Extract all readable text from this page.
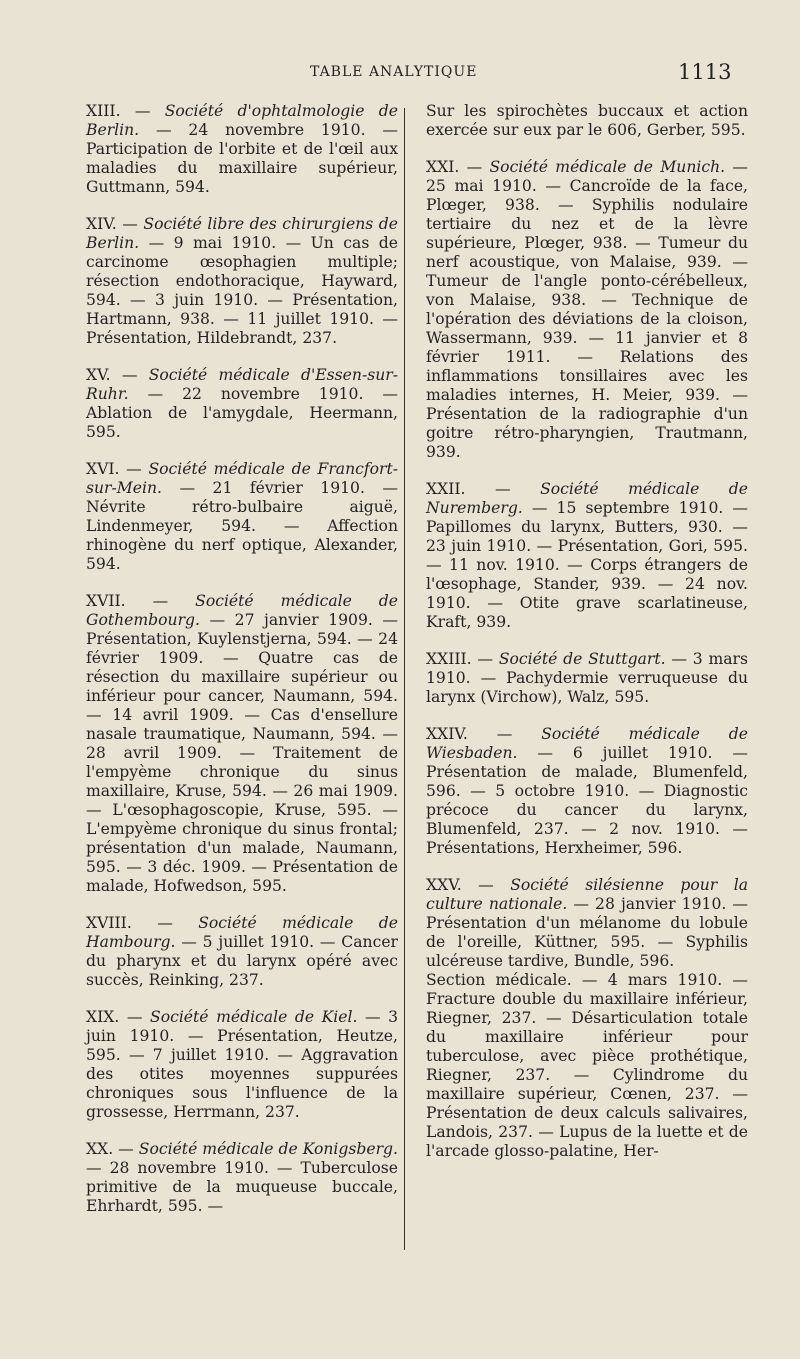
TABLE ANALYTIQUE	1113

XIII. — Société d'ophtalmologie de Berlin. — 24 novembre 1910. — Participation de l'orbite et de l'œil aux maladies du maxillaire supérieur, Guttmann, 594.

XIV. — Société libre des chirurgiens de Berlin. — 9 mai 1910. — Un cas de carcinome œsophagien multiple; résection endothoracique, Hayward, 594. — 3 juin 1910. — Présentation, Hartmann, 938. — 11 juillet 1910. — Présentation, Hildebrandt, 237.

XV. — Société médicale d'Essen-sur-Ruhr. — 22 novembre 1910. — Ablation de l'amygdale, Heermann, 595.

XVI. — Société médicale de Francfort-sur-Mein. — 21 février 1910. — Névrite rétro-bulbaire aiguë, Lindenmeyer, 594. — Affection rhinogène du nerf optique, Alexander, 594.

XVII. — Société médicale de Gothembourg. — 27 janvier 1909. — Présentation, Kuylenstjerna, 594. — 24 février 1909. — Quatre cas de résection du maxillaire supérieur ou inférieur pour cancer, Naumann, 594. — 14 avril 1909. — Cas d'ensellure nasale traumatique, Naumann, 594. — 28 avril 1909. — Traitement de l'empyème chronique du sinus maxillaire, Kruse, 594. — 26 mai 1909. — L'œsophagoscopie, Kruse, 595. — L'empyème chronique du sinus frontal; présentation d'un malade, Naumann, 595. — 3 déc. 1909. — Présentation de malade, Hofwedson, 595.

XVIII. — Société médicale de Hambourg. — 5 juillet 1910. — Cancer du pharynx et du larynx opéré avec succès, Reinking, 237.

XIX. — Société médicale de Kiel. — 3 juin 1910. — Présentation, Heutze, 595. — 7 juillet 1910. — Aggravation des otites moyennes suppurées chroniques sous l'influence de la grossesse, Herrmann, 237.

XX. — Société médicale de Konigsberg. — 28 novembre 1910. — Tuberculose primitive de la muqueuse buccale, Ehrhardt, 595. —

Sur les spirochètes buccaux et action exercée sur eux par le 606, Gerber, 595.

XXI. — Société médicale de Munich. — 25 mai 1910. — Cancroïde de la face, Plœger, 938. — Syphilis nodulaire tertiaire du nez et de la lèvre supérieure, Plœger, 938. — Tumeur du nerf acoustique, von Malaise, 939. — Tumeur de l'angle ponto-cérébelleux, von Malaise, 938. — Technique de l'opération des déviations de la cloison, Wassermann, 939. — 11 janvier et 8 février 1911. — Relations des inflammations tonsillaires avec les maladies internes, H. Meier, 939. — Présentation de la radiographie d'un goitre rétro-pharyngien, Trautmann, 939.

XXII. — Société médicale de Nuremberg. — 15 septembre 1910. — Papillomes du larynx, Butters, 930. — 23 juin 1910. — Présentation, Gori, 595. — 11 nov. 1910. — Corps étrangers de l'œsophage, Stander, 939. — 24 nov. 1910. — Otite grave scarlatineuse, Kraft, 939.

XXIII. — Société de Stuttgart. — 3 mars 1910. — Pachydermie verruqueuse du larynx (Virchow), Walz, 595.

XXIV. — Société médicale de Wiesbaden. — 6 juillet 1910. — Présentation de malade, Blumenfeld, 596. — 5 octobre 1910. — Diagnostic précoce du cancer du larynx, Blumenfeld, 237. — 2 nov. 1910. — Présentations, Herxheimer, 596.

XXV. — Société silésienne pour la culture nationale. — 28 janvier 1910. — Présentation d'un mélanome du lobule de l'oreille, Küttner, 595. — Syphilis ulcéreuse tardive, Bundle, 596.

Section médicale. — 4 mars 1910. — Fracture double du maxillaire inférieur, Riegner, 237. — Désarticulation totale du maxillaire inférieur pour tuberculose, avec pièce prothétique, Riegner, 237. — Cylindrome du maxillaire supérieur, Cœnen, 237. — Présentation de deux calculs salivaires, Landois, 237. — Lupus de la luette et de l'arcade glosso-palatine, Her-
